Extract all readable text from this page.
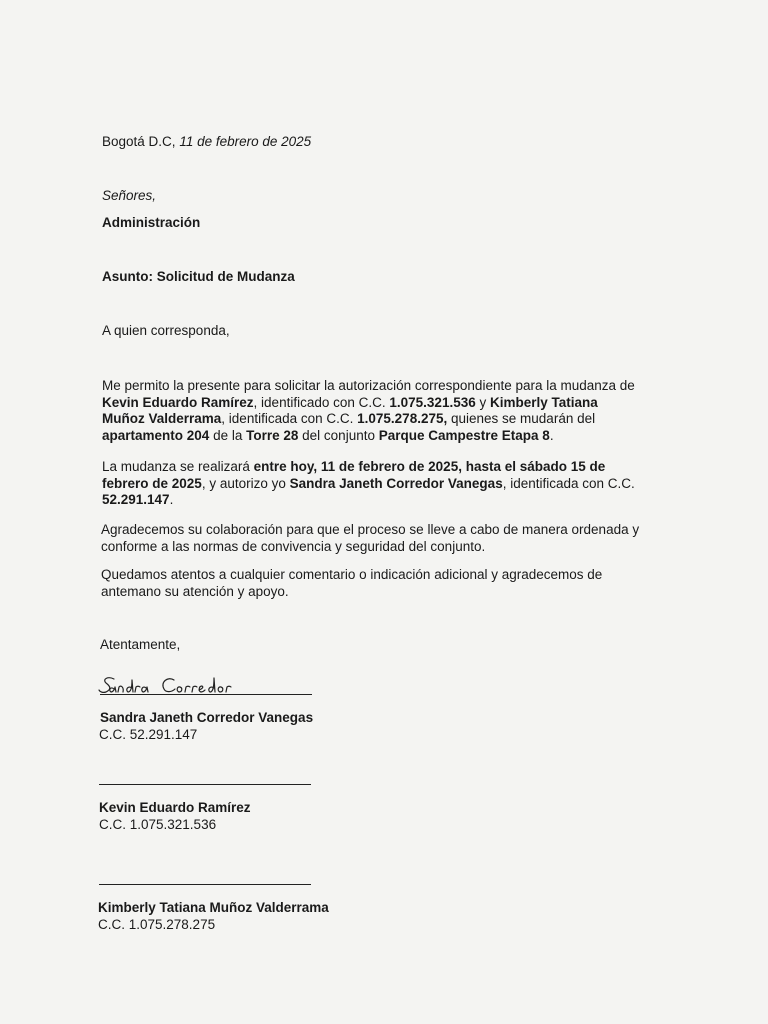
Bogotá D.C, 11 de febrero de 2025
Señores,
Administración
Asunto: Solicitud de Mudanza
A quien corresponda,
Me permito la presente para solicitar la autorización correspondiente para la mudanza de
Kevin Eduardo Ramírez, identificado con C.C. 1.075.321.536 y Kimberly Tatiana
Muñoz Valderrama, identificada con C.C. 1.075.278.275, quienes se mudarán del
apartamento 204 de la Torre 28 del conjunto Parque Campestre Etapa 8.
La mudanza se realizará entre hoy, 11 de febrero de 2025, hasta el sábado 15 de
febrero de 2025, y autorizo yo Sandra Janeth Corredor Vanegas, identificada con C.C.
52.291.147.
Agradecemos su colaboración para que el proceso se lleve a cabo de manera ordenada y
conforme a las normas de convivencia y seguridad del conjunto.
Quedamos atentos a cualquier comentario o indicación adicional y agradecemos de
antemano su atención y apoyo.
Atentamente,
Sandra Janeth Corredor Vanegas
C.C. 52.291.147
Kevin Eduardo Ramírez
C.C. 1.075.321.536
Kimberly Tatiana Muñoz Valderrama
C.C. 1.075.278.275
